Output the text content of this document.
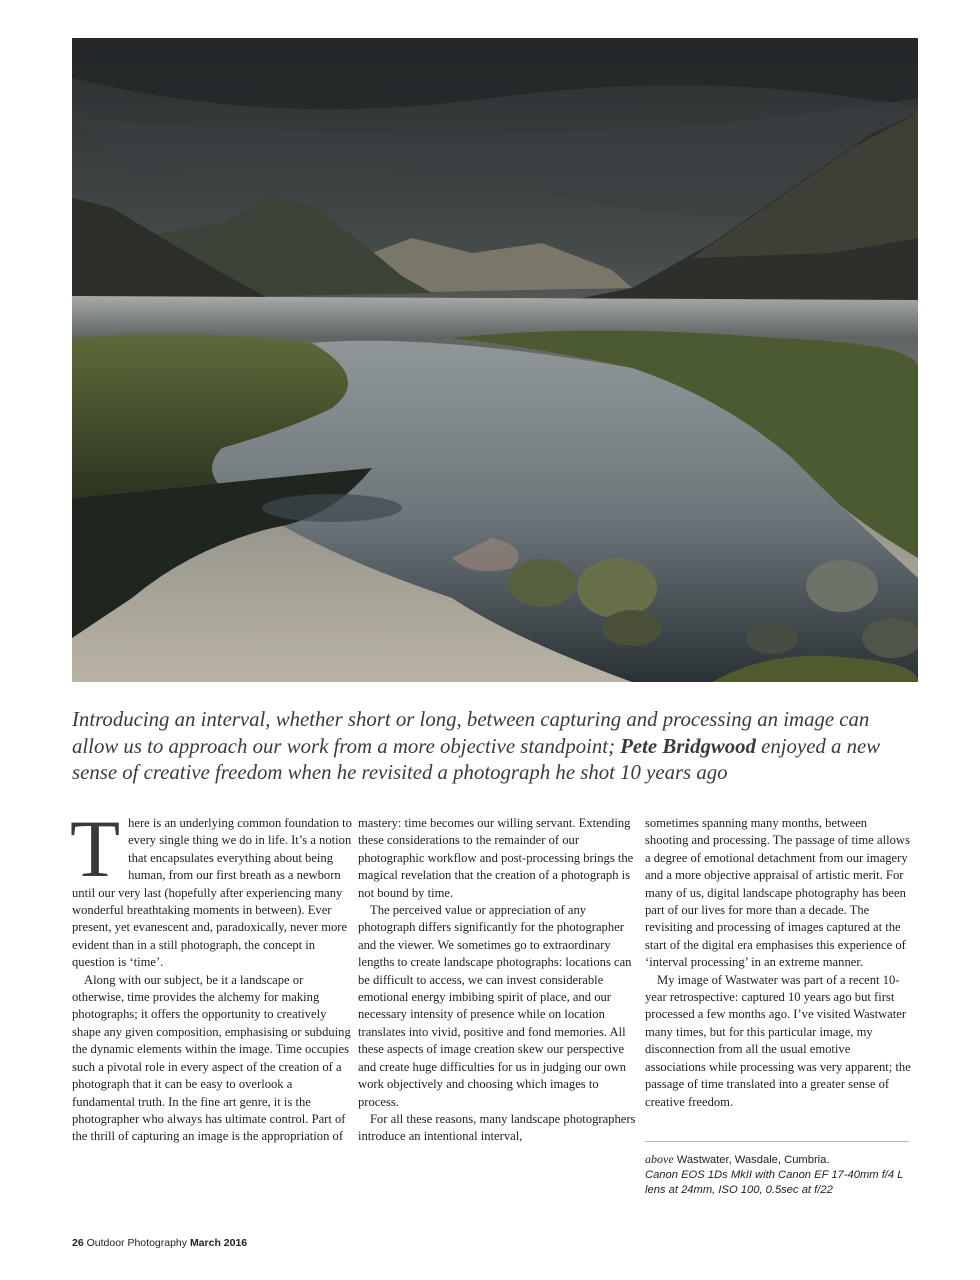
Introducing an interval, whether short or long, between capturing and processing an image can allow us to approach our work from a more objective standpoint; Pete Bridgwood enjoyed a new sense of creative freedom when he revisited a photograph he shot 10 years ago

There is an underlying common foundation to every single thing we do in life. It’s a notion that encapsulates everything about being human, from our first breath as a newborn until our very last (hopefully after experiencing many wonderful breathtaking moments in between). Ever present, yet evanescent and, paradoxically, never more evident than in a still photograph, the concept in question is ‘time’.

Along with our subject, be it a landscape or otherwise, time provides the alchemy for making photographs; it offers the opportunity to creatively shape any given composition, emphasising or subduing the dynamic elements within the image. Time occupies such a pivotal role in every aspect of the creation of a photograph that it can be easy to overlook a fundamental truth. In the fine art genre, it is the photographer who always has ultimate control. Part of the thrill of capturing an image is the appropriation of

mastery: time becomes our willing servant. Extending these considerations to the remainder of our photographic workflow and post-processing brings the magical revelation that the creation of a photograph is not bound by time.

The perceived value or appreciation of any photograph differs significantly for the photographer and the viewer. We sometimes go to extraordinary lengths to create landscape photographs: locations can be difficult to access, we can invest considerable emotional energy imbibing spirit of place, and our necessary intensity of presence while on location translates into vivid, positive and fond memories. All these aspects of image creation skew our perspective and create huge difficulties for us in judging our own work objectively and choosing which images to process.

For all these reasons, many landscape photographers introduce an intentional interval,

sometimes spanning many months, between shooting and processing. The passage of time allows a degree of emotional detachment from our imagery and a more objective appraisal of artistic merit. For many of us, digital landscape photography has been part of our lives for more than a decade. The revisiting and processing of images captured at the start of the digital era emphasises this experience of ‘interval processing’ in an extreme manner.

My image of Wastwater was part of a recent 10-year retrospective: captured 10 years ago but first processed a few months ago. I’ve visited Wastwater many times, but for this particular image, my disconnection from all the usual emotive associations while processing was very apparent; the passage of time translated into a greater sense of creative freedom.

above Wastwater, Wasdale, Cumbria.
Canon EOS 1Ds MkII with Canon EF 17-40mm f/4 L lens at 24mm, ISO 100, 0.5sec at f/22
26 Outdoor Photography March 2016
